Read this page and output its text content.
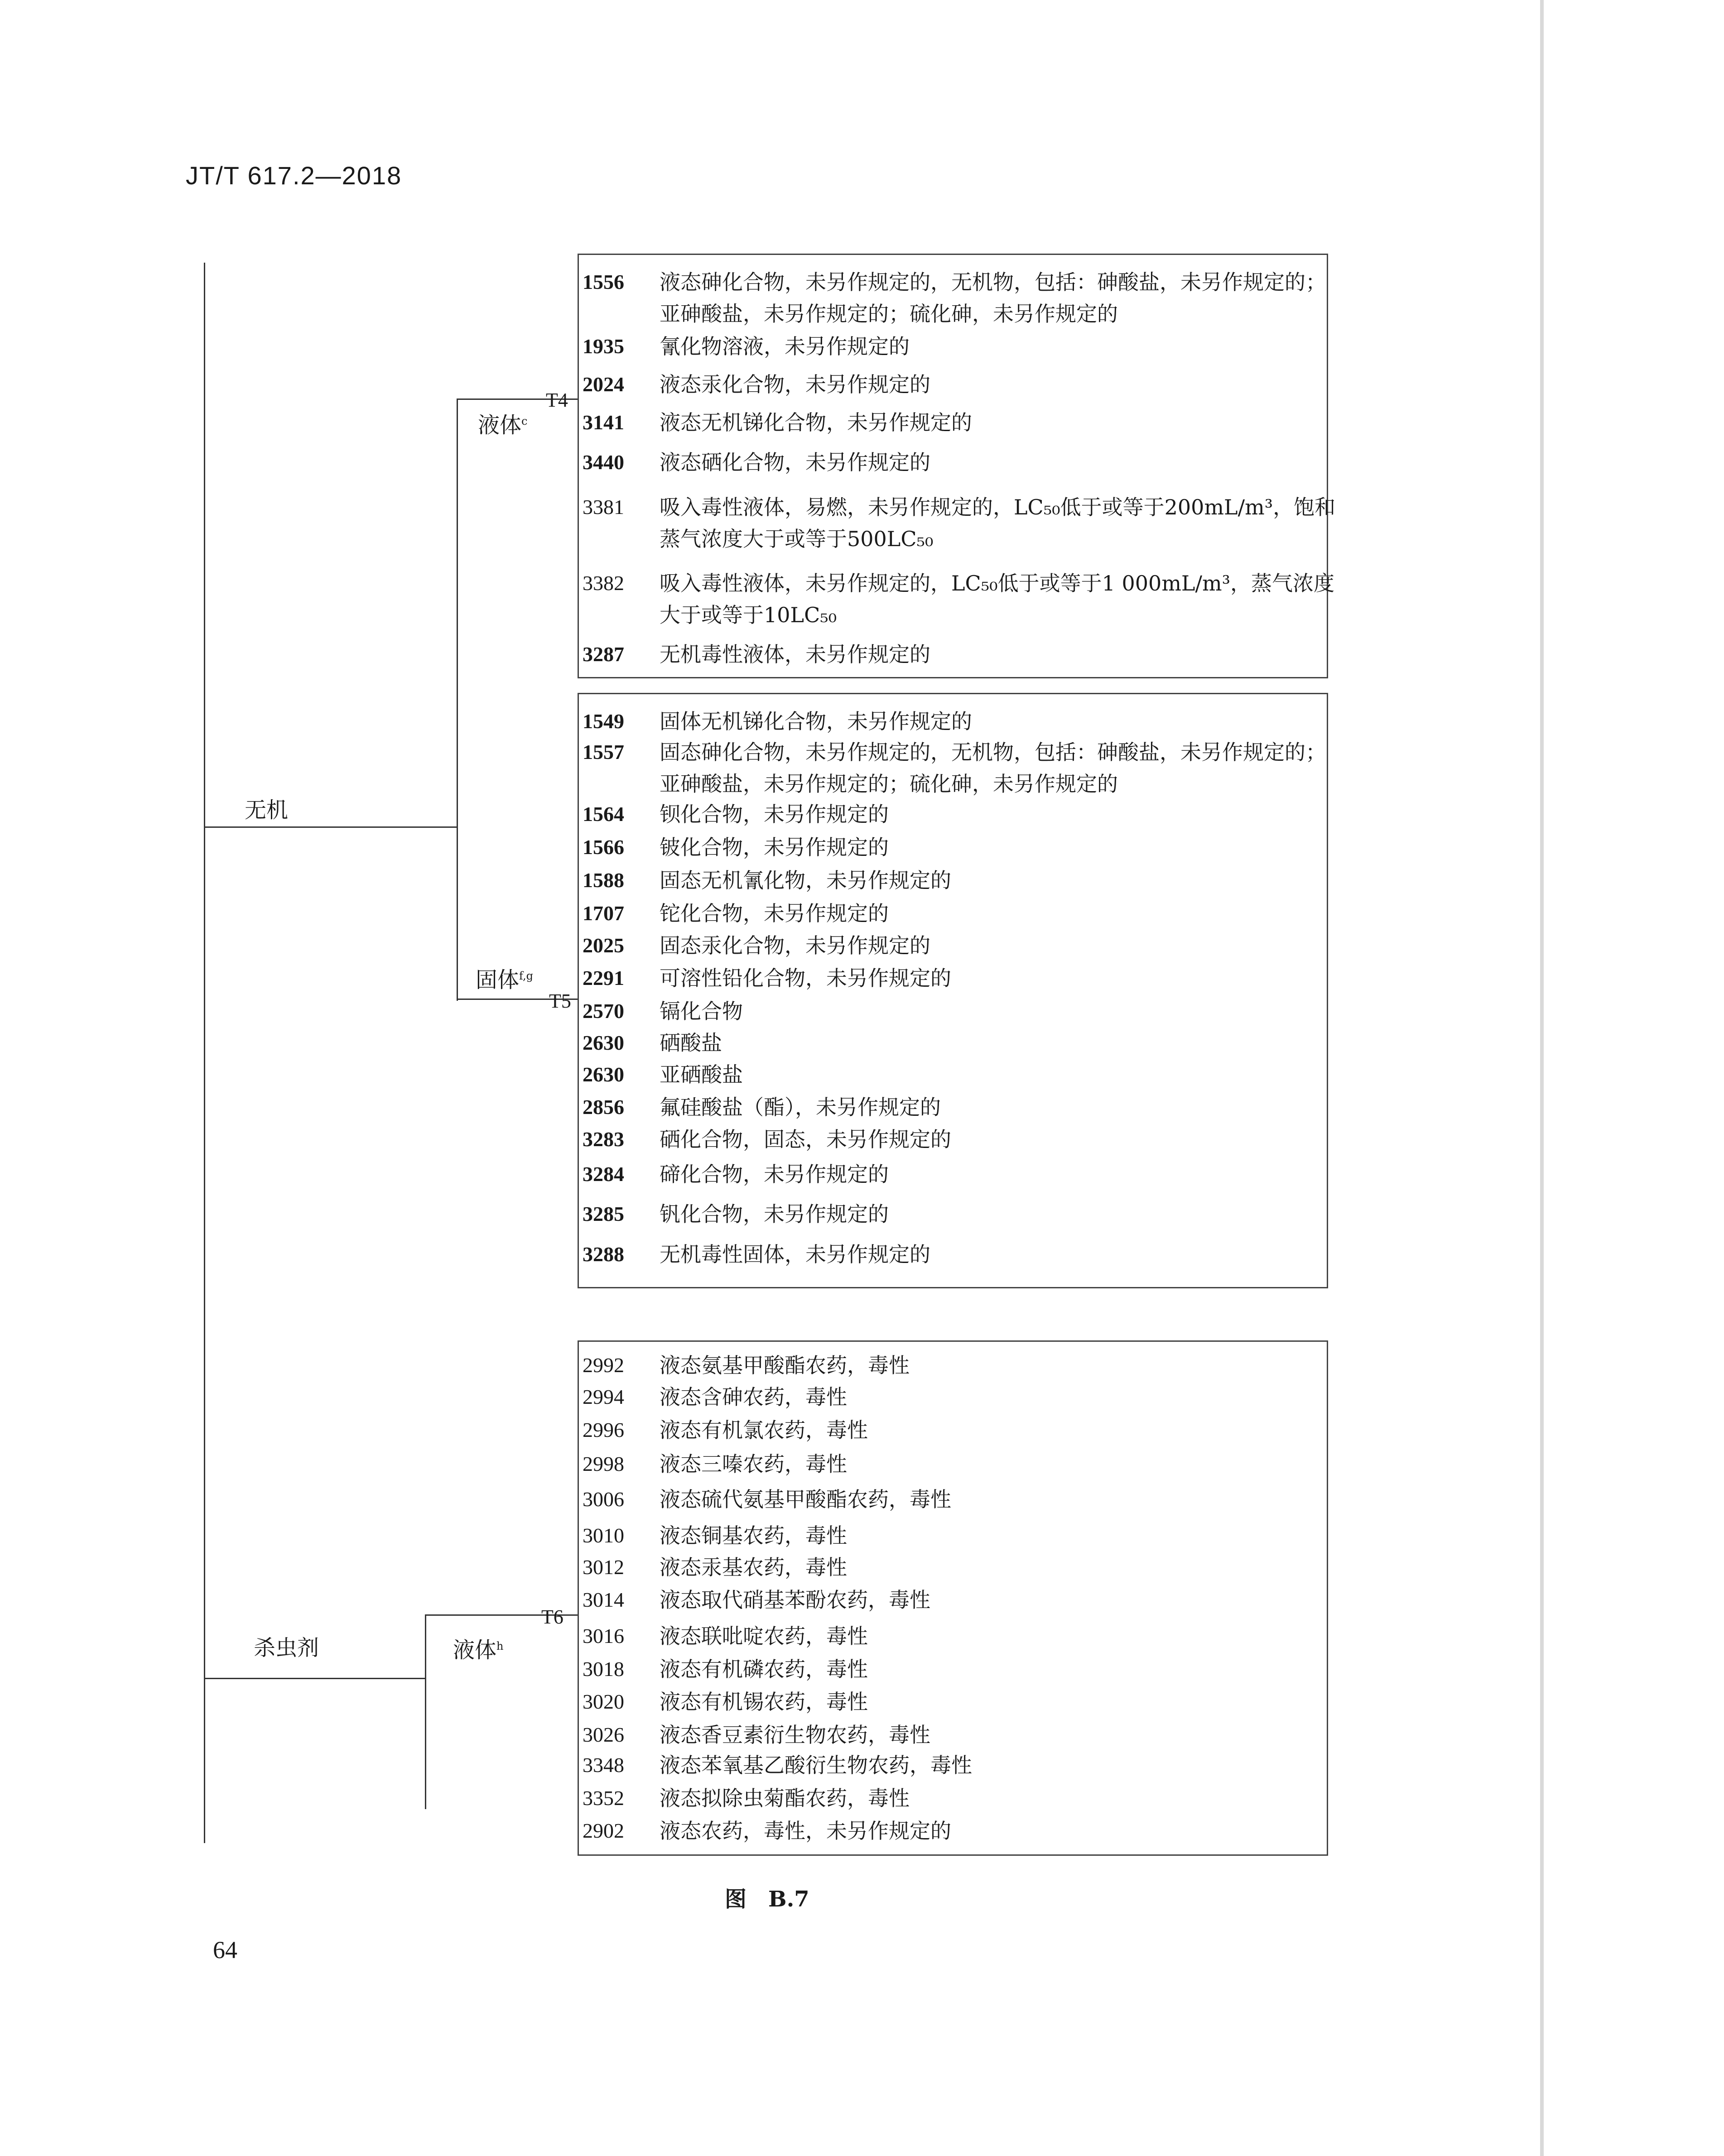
JT/T 617.2—2018
无机
液体$^c$
固体$^{f,g}$
T4
T5
杀虫剂	液体$^h$
T6
1556 液态砷化合物，未另作规定的，无机物，包括：砷酸盐，未另作规定的；
亚砷酸盐，未另作规定的；硫化砷，未另作规定的
1935 氰化物溶液，未另作规定的
2024 液态汞化合物，未另作规定的
3141 液态无机锑化合物，未另作规定的
3440 液态硒化合物，未另作规定的
3381 吸入毒性液体，易燃，未另作规定的，LC₅₀低于或等于200mL/m³，饱和
蒸气浓度大于或等于500LC₅₀
3382 吸入毒性液体，未另作规定的，LC₅₀低于或等于1 000mL/m³，蒸气浓度
大于或等于10LC₅₀
3287 无机毒性液体，未另作规定的
1549 固体无机锑化合物，未另作规定的
1557 固态砷化合物，未另作规定的，无机物，包括：砷酸盐，未另作规定的；
亚砷酸盐，未另作规定的；硫化砷，未另作规定的
1564 钡化合物，未另作规定的
1566 铍化合物，未另作规定的
1588 固态无机氰化物，未另作规定的
1707 铊化合物，未另作规定的
2025 固态汞化合物，未另作规定的
2291 可溶性铅化合物，未另作规定的
2570 镉化合物
2630 硒酸盐
2630 亚硒酸盐
2856 氟硅酸盐（酯），未另作规定的
3283 硒化合物，固态，未另作规定的
3284 碲化合物，未另作规定的
3285 钒化合物，未另作规定的
3288 无机毒性固体，未另作规定的
2992 液态氨基甲酸酯农药，毒性
2994 液态含砷农药，毒性
2996 液态有机氯农药，毒性
2998 液态三嗪农药，毒性
3006 液态硫代氨基甲酸酯农药，毒性
3010 液态铜基农药，毒性
3012 液态汞基农药，毒性
3014 液态取代硝基苯酚农药，毒性
3016 液态联吡啶农药，毒性
3018 液态有机磷农药，毒性
3020 液态有机锡农药，毒性
3026 液态香豆素衍生物农药，毒性
3348 液态苯氧基乙酸衍生物农药，毒性
3352 液态拟除虫菊酯农药，毒性
2902 液态农药，毒性，未另作规定的
图　B.7
64
